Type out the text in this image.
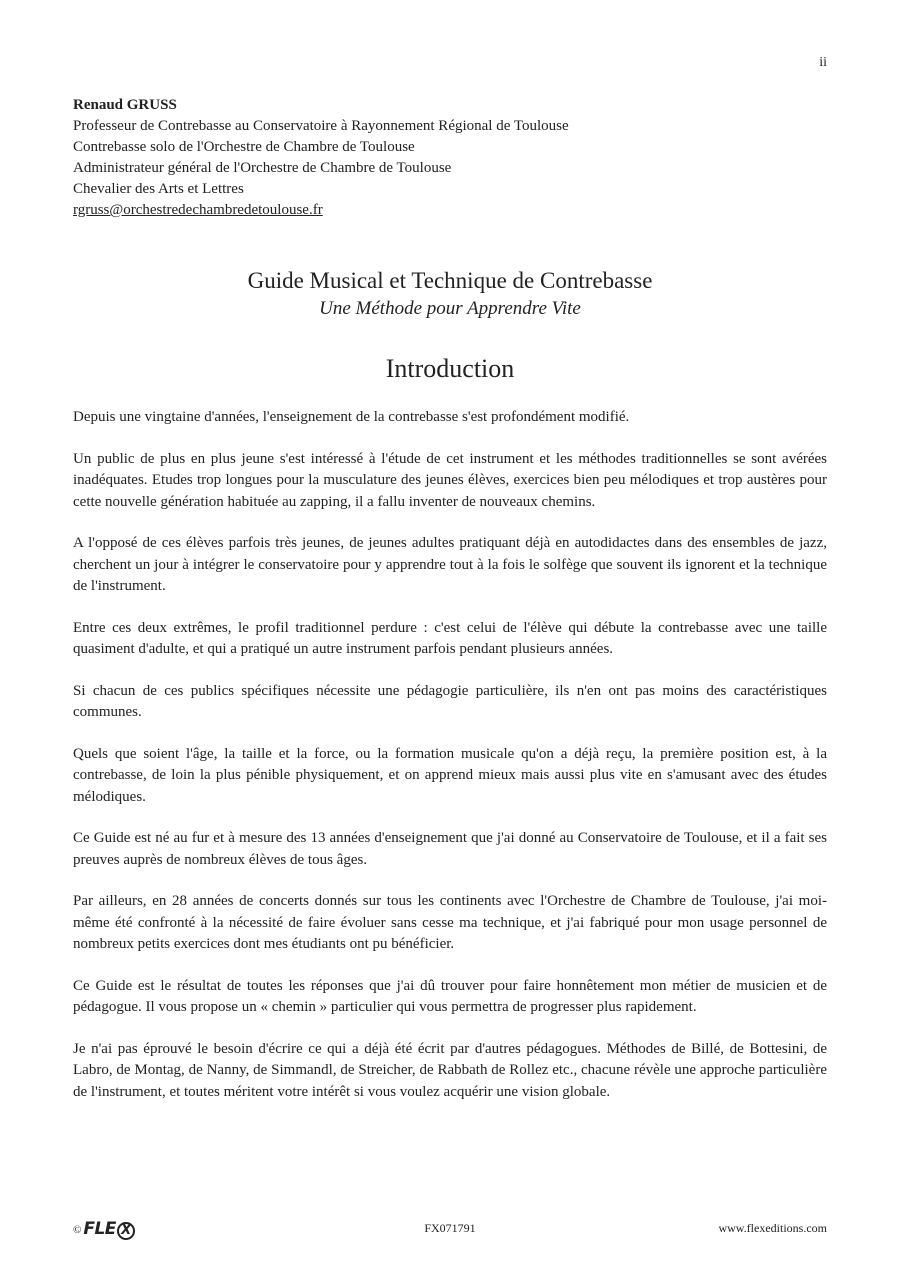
ii
Renaud GRUSS
Professeur de Contrebasse au Conservatoire à Rayonnement Régional de Toulouse
Contrebasse solo de l'Orchestre de Chambre de Toulouse
Administrateur général de l'Orchestre de Chambre de Toulouse
Chevalier des Arts et Lettres
rgruss@orchestredechambredetoulouse.fr
Guide Musical et Technique de Contrebasse
Une Méthode pour Apprendre Vite
Introduction

Depuis une vingtaine d'années, l'enseignement de la contrebasse s'est profondément modifié.

Un public de plus en plus jeune s'est intéressé à l'étude de cet instrument et les méthodes traditionnelles se sont avérées inadéquates. Etudes trop longues pour la musculature des jeunes élèves, exercices bien peu mélodiques et trop austères pour cette nouvelle génération habituée au zapping, il a fallu inventer de nouveaux chemins.

A l'opposé de ces élèves parfois très jeunes, de jeunes adultes pratiquant déjà en autodidactes dans des ensembles de jazz, cherchent un jour à intégrer le conservatoire pour y apprendre tout à la fois le solfège que souvent ils ignorent et la technique de l'instrument.

Entre ces deux extrêmes, le profil traditionnel perdure : c'est celui de l'élève qui débute la contrebasse avec une taille quasiment d'adulte, et qui a pratiqué un autre instrument parfois pendant plusieurs années.

Si chacun de ces publics spécifiques nécessite une pédagogie particulière, ils n'en ont pas moins des caractéristiques communes.

Quels que soient l'âge, la taille et la force, ou la formation musicale qu'on a déjà reçu, la première position est, à la contrebasse, de loin la plus pénible physiquement, et on apprend mieux mais aussi plus vite en s'amusant avec des études mélodiques.

Ce Guide est né au fur et à mesure des 13 années d'enseignement que j'ai donné au Conservatoire de Toulouse, et il a fait ses preuves auprès de nombreux élèves de tous âges.

Par ailleurs, en 28 années de concerts donnés sur tous les continents avec l'Orchestre de Chambre de Toulouse, j'ai moi-même été confronté à la nécessité de faire évoluer sans cesse ma technique, et j'ai fabriqué pour mon usage personnel de nombreux petits exercices dont mes étudiants ont pu bénéficier.

Ce Guide est le résultat de toutes les réponses que j'ai dû trouver pour faire honnêtement mon métier de musicien et de pédagogue. Il vous propose un « chemin » particulier qui vous permettra de progresser plus rapidement.

Je n'ai pas éprouvé le besoin d'écrire ce qui a déjà été écrit par d'autres pédagogues. Méthodes de Billé, de Bottesini, de Labro, de Montag, de Nanny, de Simmandl, de Streicher, de Rabbath de Rollez etc., chacune révèle une approche particulière de l'instrument, et toutes méritent votre intérêt si vous voulez acquérir une vision globale.

© FLE X	FX071791	www.flexeditions.com
